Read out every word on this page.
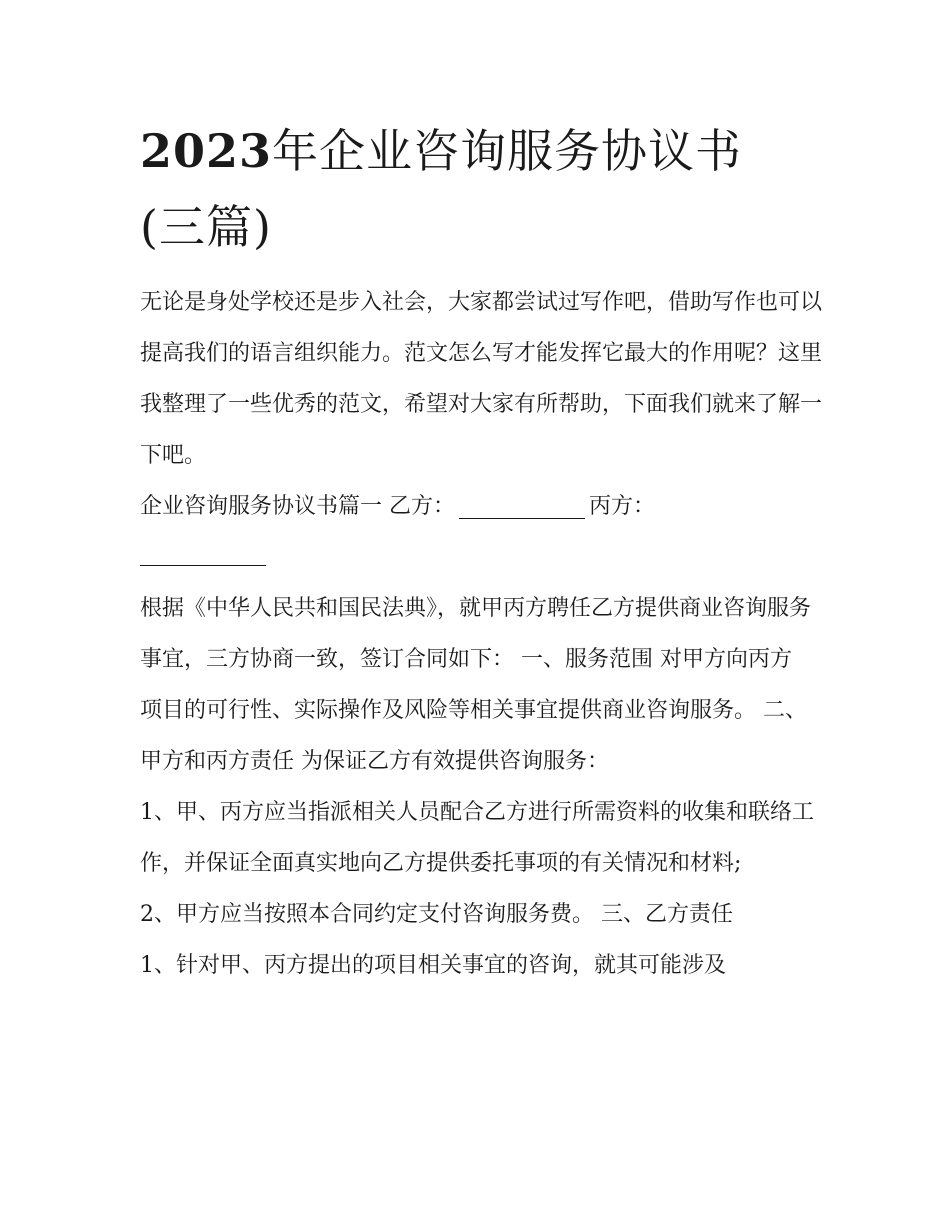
2023年企业咨询服务协议书
(三篇)

无论是身处学校还是步入社会，大家都尝试过写作吧，借助写作也可以提高我们的语言组织能力。范文怎么写才能发挥它最大的作用呢？这里我整理了一些优秀的范文，希望对大家有所帮助，下面我们就来了解一下吧。

企业咨询服务协议书篇一 乙方：	丙方：

根据《中华人民共和国民法典》，就甲丙方聘任乙方提供商业咨询服务事宜，三方协商一致，签订合同如下： 一、服务范围 对甲方向丙方

项目的可行性、实际操作及风险等相关事宜提供商业咨询服务。 二、甲方和丙方责任 为保证乙方有效提供咨询服务：

1、甲、丙方应当指派相关人员配合乙方进行所需资料的收集和联络工作，并保证全面真实地向乙方提供委托事项的有关情况和材料;

2、甲方应当按照本合同约定支付咨询服务费。 三、乙方责任

1、针对甲、丙方提出的项目相关事宜的咨询，就其可能涉及
